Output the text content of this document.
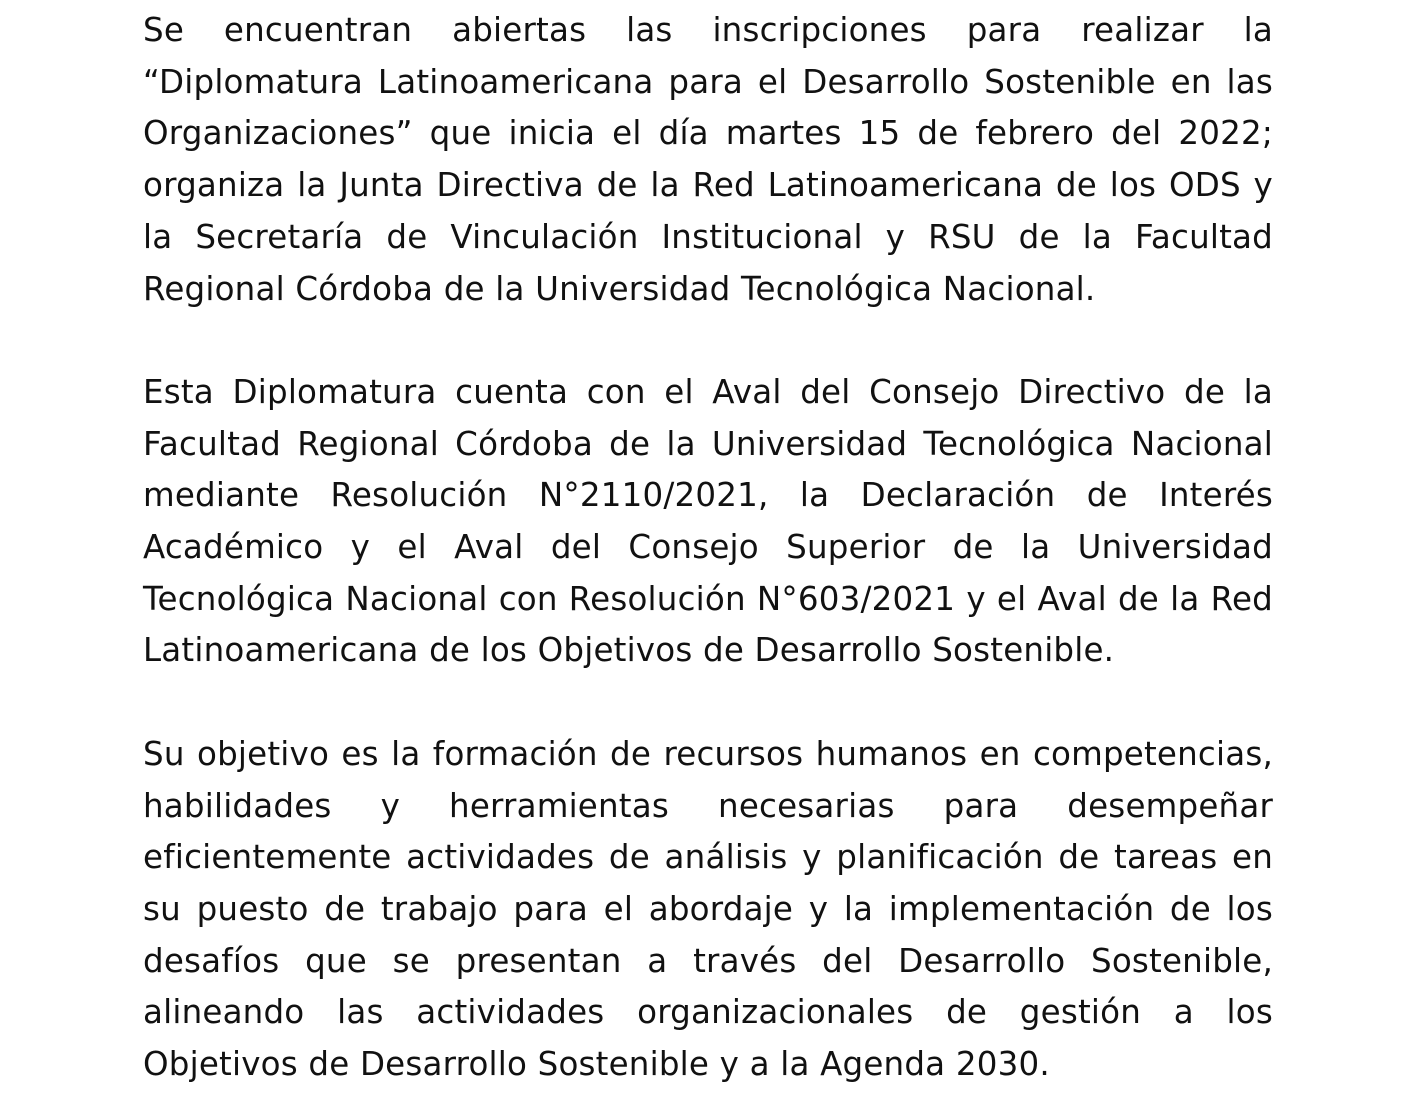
Se encuentran abiertas las inscripciones para realizar la “Diplomatura Latinoamericana para el Desarrollo Sostenible en las Organizaciones” que inicia el día martes 15 de febrero del 2022; organiza la Junta Directiva de la Red Latinoamericana de los ODS y la Secretaría de Vinculación Institucional y RSU de la Facultad Regional Córdoba de la Universidad Tecnológica Nacional.

Esta Diplomatura cuenta con el Aval del Consejo Directivo de la Facultad Regional Córdoba de la Universidad Tecnológica Nacional mediante Resolución N°2110/2021, la Declaración de Interés Académico y el Aval del Consejo Superior de la Universidad Tecnológica Nacional con Resolución N°603/2021 y el Aval de la Red Latinoamericana de los Objetivos de Desarrollo Sostenible.

Su objetivo es la formación de recursos humanos en competencias, habilidades y herramientas necesarias para desempeñar eficientemente actividades de análisis y planificación de tareas en su puesto de trabajo para el abordaje y la implementación de los desafíos que se presentan a través del Desarrollo Sostenible, alineando las actividades organizacionales de gestión a los Objetivos de Desarrollo Sostenible y a la Agenda 2030.
